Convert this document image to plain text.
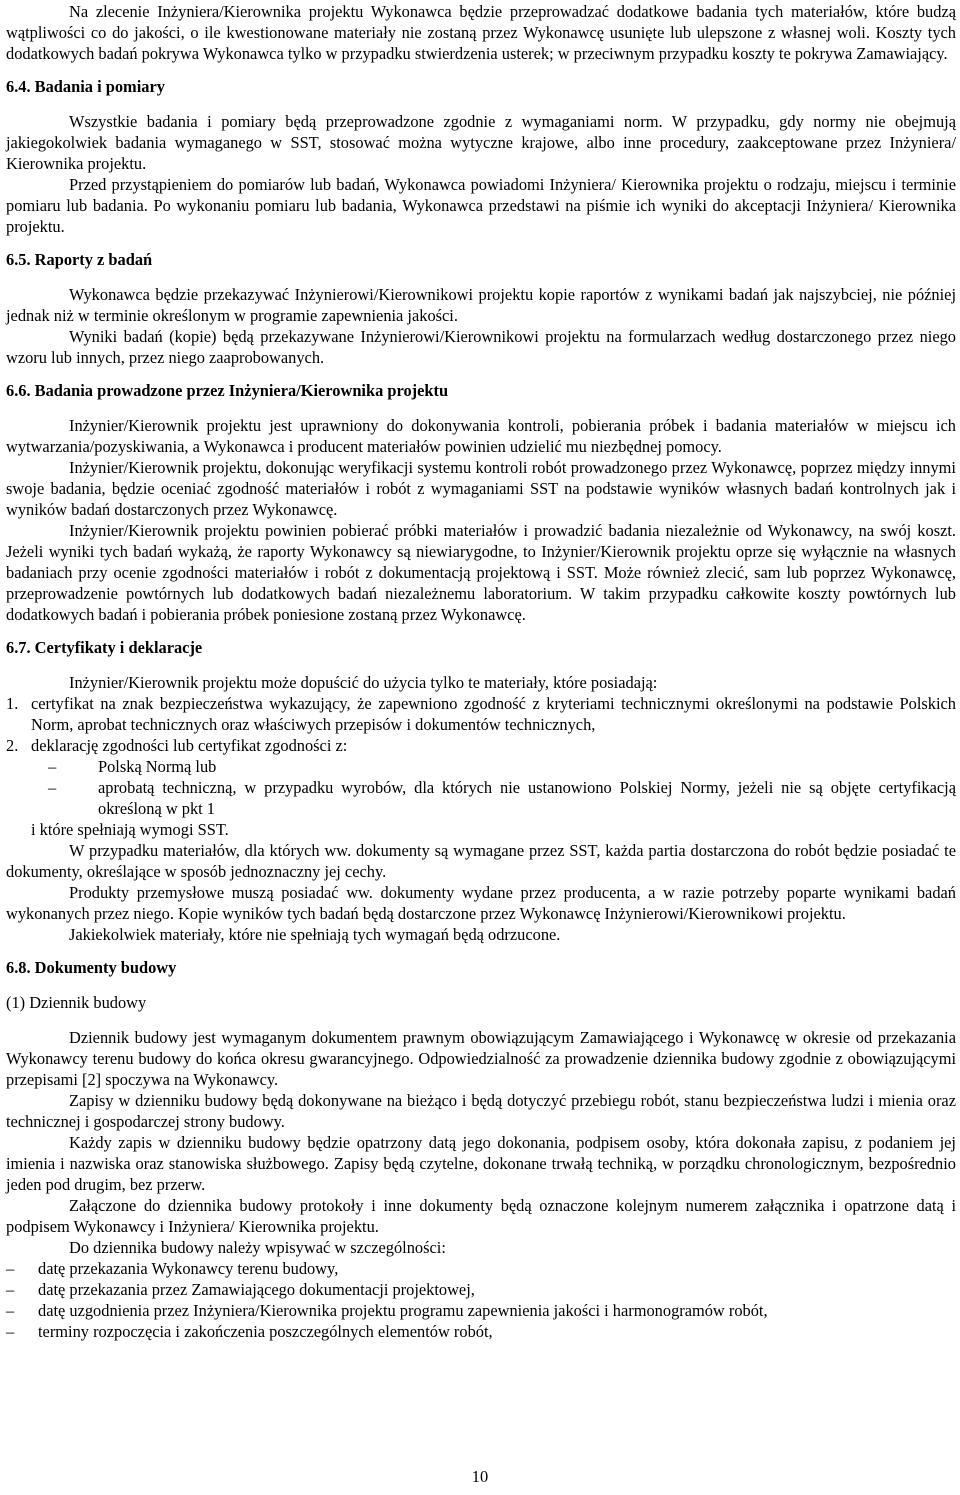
Na zlecenie Inżyniera/Kierownika projektu Wykonawca będzie przeprowadzać dodatkowe badania tych materiałów, które budzą wątpliwości co do jakości, o ile kwestionowane materiały nie zostaną przez Wykonawcę usunięte lub ulepszone z własnej woli. Koszty tych dodatkowych badań pokrywa Wykonawca tylko w przypadku stwierdzenia usterek; w przeciwnym przypadku koszty te pokrywa Zamawiający.

6.4. Badania i pomiary

Wszystkie badania i pomiary będą przeprowadzone zgodnie z wymaganiami norm. W przypadku, gdy normy nie obejmują jakiegokolwiek badania wymaganego w SST, stosować można wytyczne krajowe, albo inne procedury, zaakceptowane przez Inżyniera/ Kierownika projektu.

Przed przystąpieniem do pomiarów lub badań, Wykonawca powiadomi Inżyniera/ Kierownika projektu o rodzaju, miejscu i terminie pomiaru lub badania. Po wykonaniu pomiaru lub badania, Wykonawca przedstawi na piśmie ich wyniki do akceptacji Inżyniera/ Kierownika projektu.

6.5. Raporty z badań

Wykonawca będzie przekazywać Inżynierowi/Kierownikowi projektu kopie raportów z wynikami badań jak najszybciej, nie później jednak niż w terminie określonym w programie zapewnienia jakości.

Wyniki badań (kopie) będą przekazywane Inżynierowi/Kierownikowi projektu na formularzach według dostarczonego przez niego wzoru lub innych, przez niego zaaprobowanych.

6.6. Badania prowadzone przez Inżyniera/Kierownika projektu

Inżynier/Kierownik projektu jest uprawniony do dokonywania kontroli, pobierania próbek i badania materiałów w miejscu ich wytwarzania/pozyskiwania, a Wykonawca i producent materiałów powinien udzielić mu niezbędnej pomocy.

Inżynier/Kierownik projektu, dokonując weryfikacji systemu kontroli robót prowadzonego przez Wykonawcę, poprzez między innymi swoje badania, będzie oceniać zgodność materiałów i robót z wymaganiami SST na podstawie wyników własnych badań kontrolnych jak i wyników badań dostarczonych przez Wykonawcę.

Inżynier/Kierownik projektu powinien pobierać próbki materiałów i prowadzić badania niezależnie od Wykonawcy, na swój koszt. Jeżeli wyniki tych badań wykażą, że raporty Wykonawcy są niewiarygodne, to Inżynier/Kierownik projektu oprze się wyłącznie na własnych badaniach przy ocenie zgodności materiałów i robót z dokumentacją projektową i SST. Może również zlecić, sam lub poprzez Wykonawcę, przeprowadzenie powtórnych lub dodatkowych badań niezależnemu laboratorium. W takim przypadku całkowite koszty powtórnych lub dodatkowych badań i pobierania próbek poniesione zostaną przez Wykonawcę.

6.7. Certyfikaty i deklaracje

Inżynier/Kierownik projektu może dopuścić do użycia tylko te materiały, które posiadają:

1. certyfikat na znak bezpieczeństwa wykazujący, że zapewniono zgodność z kryteriami technicznymi określonymi na podstawie Polskich Norm, aprobat technicznych oraz właściwych przepisów i dokumentów technicznych,
2. deklarację zgodności lub certyfikat zgodności z:
–	Polską Normą lub
–	aprobatą techniczną, w przypadku wyrobów, dla których nie ustanowiono Polskiej Normy, jeżeli nie są objęte certyfikacją określoną w pkt 1

i które spełniają wymogi SST.

W przypadku materiałów, dla których ww. dokumenty są wymagane przez SST, każda partia dostarczona do robót będzie posiadać te dokumenty, określające w sposób jednoznaczny jej cechy.

Produkty przemysłowe muszą posiadać ww. dokumenty wydane przez producenta, a w razie potrzeby poparte wynikami badań wykonanych przez niego. Kopie wyników tych badań będą dostarczone przez Wykonawcę Inżynierowi/Kierownikowi projektu.

Jakiekolwiek materiały, które nie spełniają tych wymagań będą odrzucone.

6.8. Dokumenty budowy

(1) Dziennik budowy

Dziennik budowy jest wymaganym dokumentem prawnym obowiązującym Zamawiającego i Wykonawcę w okresie od przekazania Wykonawcy terenu budowy do końca okresu gwarancyjnego. Odpowiedzialność za prowadzenie dziennika budowy zgodnie z obowiązującymi przepisami [2] spoczywa na Wykonawcy.

Zapisy w dzienniku budowy będą dokonywane na bieżąco i będą dotyczyć przebiegu robót, stanu bezpieczeństwa ludzi i mienia oraz technicznej i gospodarczej strony budowy.

Każdy zapis w dzienniku budowy będzie opatrzony datą jego dokonania, podpisem osoby, która dokonała zapisu, z podaniem jej imienia i nazwiska oraz stanowiska służbowego. Zapisy będą czytelne, dokonane trwałą techniką, w porządku chronologicznym, bezpośrednio jeden pod drugim, bez przerw.

Załączone do dziennika budowy protokoły i inne dokumenty będą oznaczone kolejnym numerem załącznika i opatrzone datą i podpisem Wykonawcy i Inżyniera/ Kierownika projektu.

Do dziennika budowy należy wpisywać w szczególności:

– datę przekazania Wykonawcy terenu budowy,
– datę przekazania przez Zamawiającego dokumentacji projektowej,
– datę uzgodnienia przez Inżyniera/Kierownika projektu programu zapewnienia jakości i harmonogramów robót,
– terminy rozpoczęcia i zakończenia poszczególnych elementów robót,
10
